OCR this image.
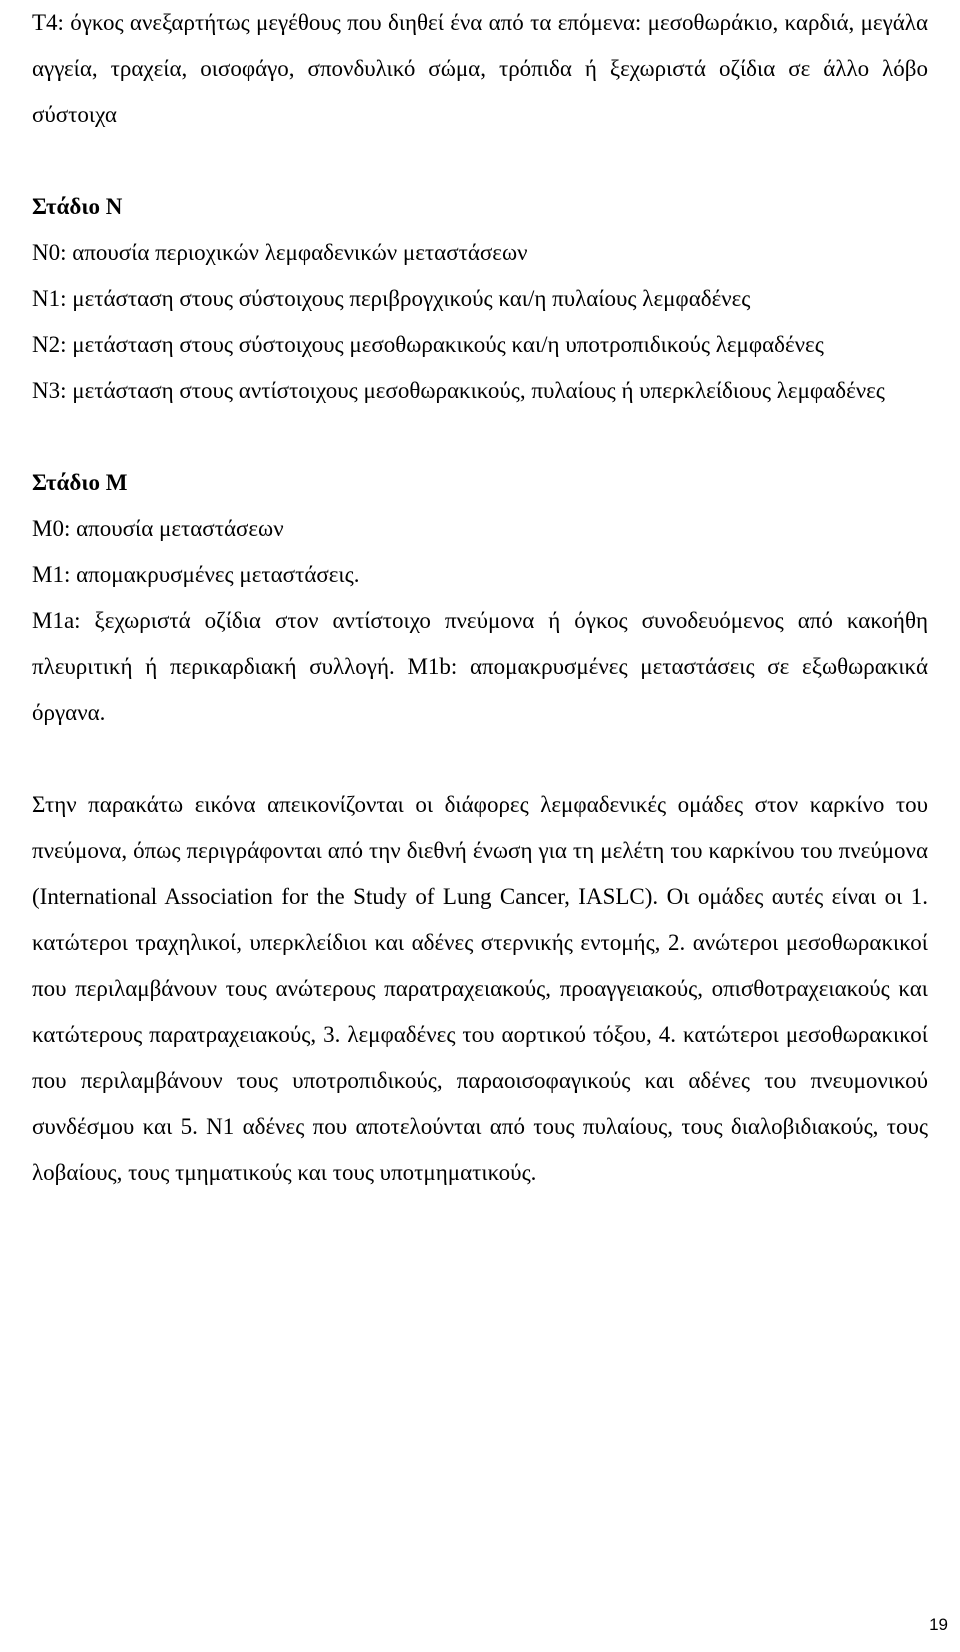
T4: όγκος ανεξαρτήτως μεγέθους που διηθεί ένα από τα επόμενα: μεσοθωράκιο, καρδιά, μεγάλα αγγεία, τραχεία, οισοφάγο, σπονδυλικό σώμα, τρόπιδα ή ξεχωριστά οζίδια σε άλλο λόβο σύστοιχα

Στάδιο Ν

Ν0: απουσία περιοχικών λεμφαδενικών μεταστάσεων

Ν1: μετάσταση στους σύστοιχους περιβρογχικούς και/η πυλαίους λεμφαδένες

Ν2: μετάσταση στους σύστοιχους μεσοθωρακικούς και/η υποτροπιδικούς λεμφαδένες

Ν3: μετάσταση στους αντίστοιχους μεσοθωρακικούς, πυλαίους ή υπερκλείδιους λεμφαδένες

Στάδιο Μ

Μ0: απουσία μεταστάσεων

Μ1: απομακρυσμένες μεταστάσεις.

Μ1a: ξεχωριστά οζίδια στον αντίστοιχο πνεύμονα ή όγκος συνοδευόμενος από κακοήθη πλευριτική ή περικαρδιακή συλλογή. Μ1b: απομακρυσμένες μεταστάσεις σε εξωθωρακικά όργανα.

Στην παρακάτω εικόνα απεικονίζονται οι διάφορες λεμφαδενικές ομάδες στον καρκίνο του πνεύμονα, όπως περιγράφονται από την διεθνή ένωση για τη μελέτη του καρκίνου του πνεύμονα (International Association for the Study of Lung Cancer, IASLC). Οι ομάδες αυτές είναι οι 1. κατώτεροι τραχηλικοί, υπερκλείδιοι και αδένες στερνικής εντομής, 2. ανώτεροι μεσοθωρακικοί που περιλαμβάνουν τους ανώτερους παρατραχειακούς, προαγγειακούς, οπισθοτραχειακούς και κατώτερους παρατραχειακούς, 3. λεμφαδένες του αορτικού τόξου, 4. κατώτεροι μεσοθωρακικοί που περιλαμβάνουν τους υποτροπιδικούς, παραοισοφαγικούς και αδένες του πνευμονικού συνδέσμου και 5. Ν1 αδένες που αποτελούνται από τους πυλαίους, τους διαλοβιδιακούς, τους λοβαίους, τους τμηματικούς και τους υποτμηματικούς.

19
